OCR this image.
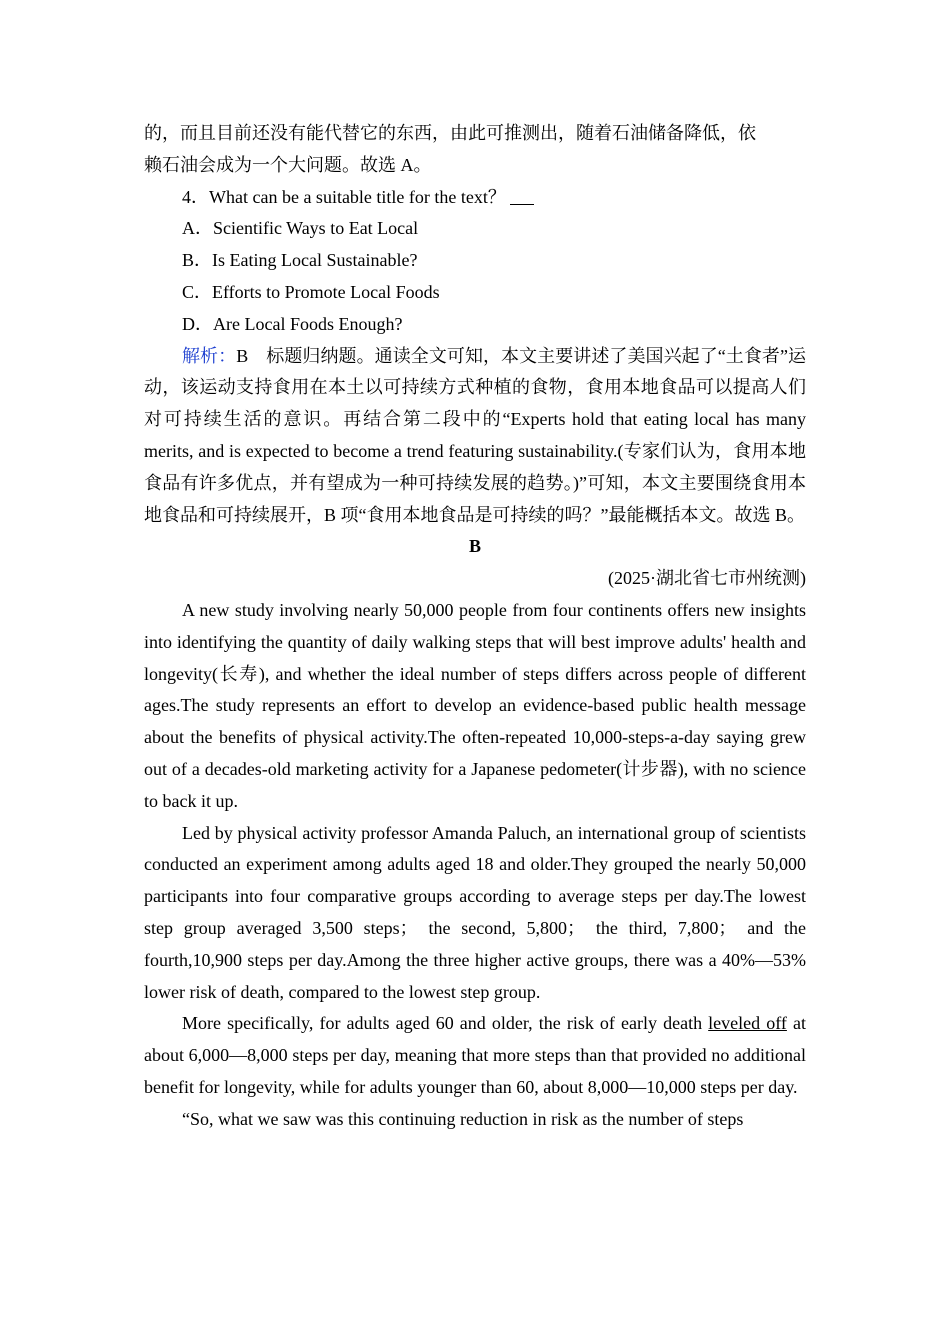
的，而且目前还没有能代替它的东西，由此可推测出，随着石油储备降低，依
赖石油会成为一个大问题。故选 A。

4．What can be a suitable title for the text？

A．Scientific Ways to Eat Local

B．Is Eating Local Sustainable?

C．Efforts to Promote Local Foods

D．Are Local Foods Enough?

解析：B　标题归纳题。通读全文可知，本文主要讲述了美国兴起了“土食者”运动，该运动支持食用在本土以可持续方式种植的食物，食用本地食品可以提高人们对可持续生活的意识。再结合第二段中的“Experts hold that eating local has many merits, and is expected to become a trend featuring sustainability.(专家们认为，食用本地食品有许多优点，并有望成为一种可持续发展的趋势。)”可知，本文主要围绕食用本地食品和可持续展开，B 项“食用本地食品是可持续的吗？”最能概括本文。故选 B。

B

(2025·湖北省七市州统测)

A new study involving nearly 50,000 people from four continents offers new insights into identifying the quantity of daily walking steps that will best improve adults' health and longevity(长寿), and whether the ideal number of steps differs across people of different ages.The study represents an effort to develop an evidence-based public health message about the benefits of physical activity.The often-repeated 10,000-steps-a-day saying grew out of a decades-old marketing activity for a Japanese pedometer(计步器), with no science to back it up.

Led by physical activity professor Amanda Paluch, an international group of scientists conducted an experiment among adults aged 18 and older.They grouped the nearly 50,000 participants into four comparative groups according to average steps per day.The lowest step group averaged 3,500 steps； the second, 5,800； the third, 7,800； and the fourth,10,900 steps per day.Among the three higher active groups, there was a 40%—53% lower risk of death, compared to the lowest step group.

More specifically, for adults aged 60 and older, the risk of early death leveled off at about 6,000—8,000 steps per day, meaning that more steps than that provided no additional benefit for longevity, while for adults younger than 60, about 8,000—10,000 steps per day.

“So, what we saw was this continuing reduction in risk as the number of steps
